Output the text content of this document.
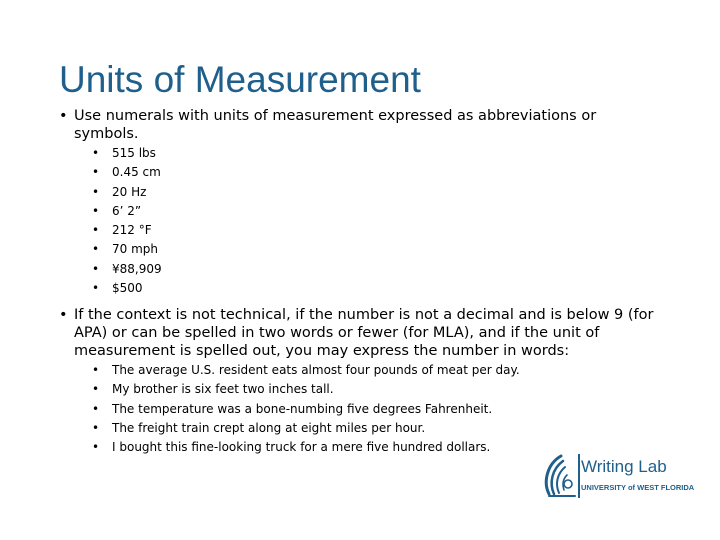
Units of Measurement
• Use numerals with units of measurement expressed as abbreviations or symbols.
• 515 lbs
• 0.45 cm
• 20 Hz
• 6’ 2”
• 212 °F
• 70 mph
• ¥88,909
• $500
• If the context is not technical, if the number is not a decimal and is below 9 (for APA) or can be spelled in two words or fewer (for MLA), and if the unit of measurement is spelled out, you may express the number in words:
• The average U.S. resident eats almost four pounds of meat per day.
• My brother is six feet two inches tall.
• The temperature was a bone-numbing five degrees Fahrenheit.
• The freight train crept along at eight miles per hour.
• I bought this fine-looking truck for a mere five hundred dollars.
Writing Lab
UNIVERSITY of WEST FLORIDA
